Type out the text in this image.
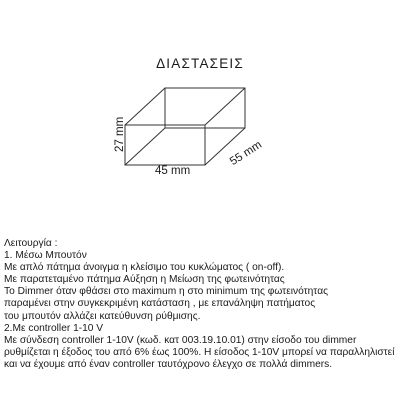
ΔΙΑΣΤΑΣΕΙΣ
45 mm
27 mm
55 mm
Λειτουργία :
1. Μέσω Μπουτόν
Με απλό πάτημα άνοιγμα η κλείσιμο του κυκλώματος ( on-off).
Με παρατεταμένο πάτημα Αύξηση η Μείωση της φωτεινότητας
Το Dimmer όταν φθάσει στο maximum η στο minimum της φωτεινότητας
παραμένει στην συγκεκριμένη κατάσταση , με επανάληψη πατήματος
του μπουτόν αλλάζει κατεύθυνση ρύθμισης.
2.Με controller 1-10 V
Με σύνδεση controller 1-10V (κωδ. κατ 003.19.10.01) στην είσοδο του dimmer
ρυθμίζεται η έξοδος του από 6% έως 100%. Η είσοδος 1-10V μπορεί να παραλληλιστεί
και να έχουμε από έναν controller ταυτόχρονο έλεγχο σε πολλά dimmers.
